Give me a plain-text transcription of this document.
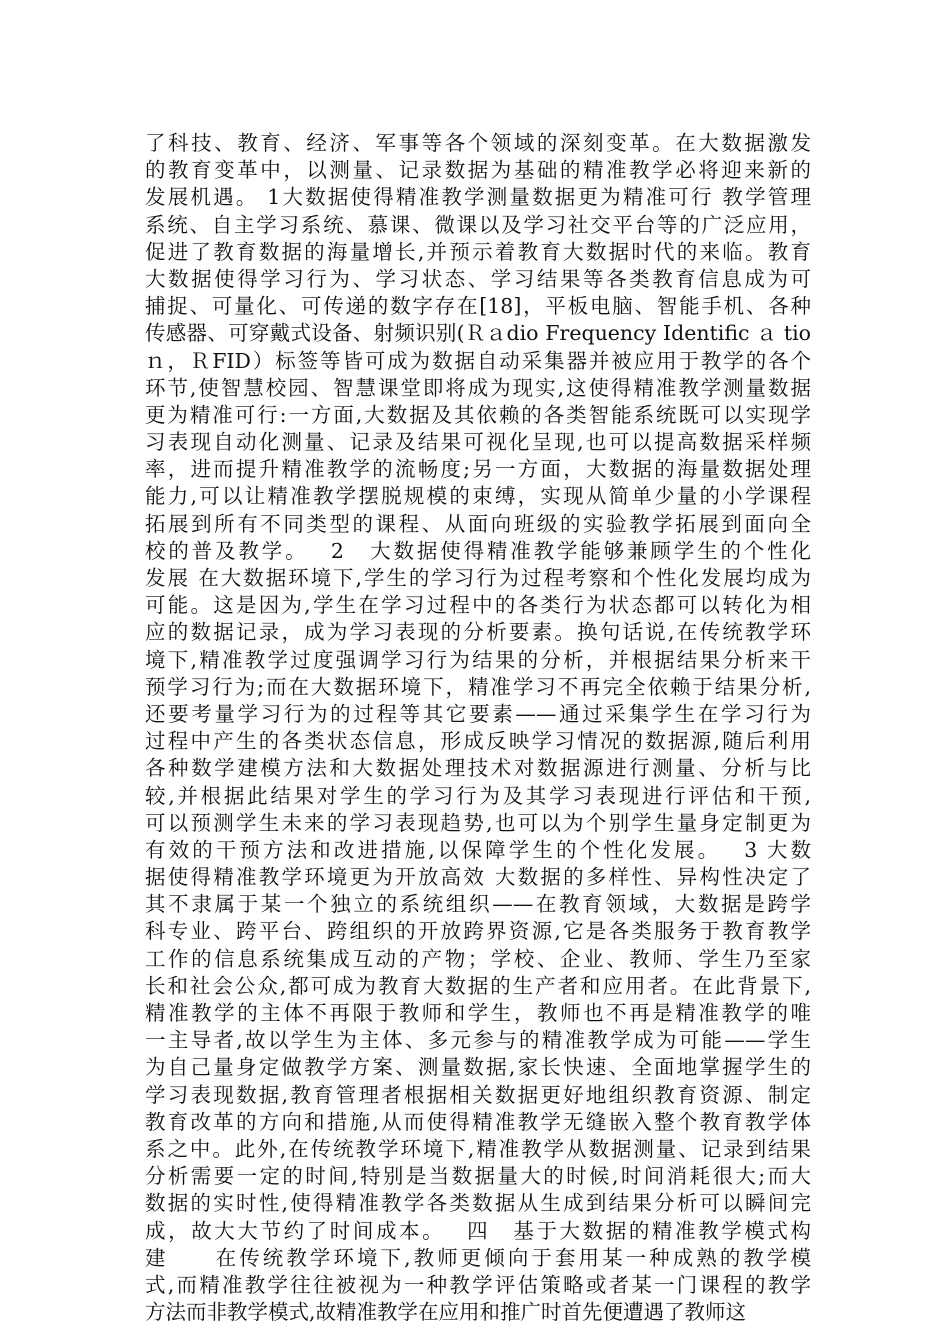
了科技、教育、经济、军事等各个领域的深刻变革。在大数据激发
的教育变革中，以测量、记录数据为基础的精准教学必将迎来新的
发展机遇。 1大数据使得精准教学测量数据更为精准可行 教学管理
系统、自主学习系统、慕课、微课以及学习社交平台等的广泛应用，
促进了教育数据的海量增长,并预示着教育大数据时代的来临。教育
大数据使得学习行为、学习状态、学习结果等各类教育信息成为可
捕捉、可量化、可传递的数字存在[18]，平板电脑、智能手机、各种
传感器、可穿戴式设备、射频识别(Ｒａdio Frequency Identific ａ tio
ｎ，ＲFID）标签等皆可成为数据自动采集器并被应用于教学的各个
环节,使智慧校园、智慧课堂即将成为现实,这使得精准教学测量数据
更为精准可行:一方面,大数据及其依赖的各类智能系统既可以实现学
习表现自动化测量、记录及结果可视化呈现,也可以提高数据采样频
率，进而提升精准教学的流畅度;另一方面，大数据的海量数据处理
能力,可以让精准教学摆脱规模的束缚，实现从简单少量的小学课程
拓展到所有不同类型的课程、从面向班级的实验教学拓展到面向全
校的普及教学。　 2　大数据使得精准教学能够兼顾学生的个性化
发展 在大数据环境下,学生的学习行为过程考察和个性化发展均成为
可能。这是因为,学生在学习过程中的各类行为状态都可以转化为相
应的数据记录，成为学习表现的分析要素。换句话说,在传统教学环
境下,精准教学过度强调学习行为结果的分析，并根据结果分析来干
预学习行为;而在大数据环境下，精准学习不再完全依赖于结果分析,
还要考量学习行为的过程等其它要素——通过采集学生在学习行为
过程中产生的各类状态信息，形成反映学习情况的数据源,随后利用
各种数学建模方法和大数据处理技术对数据源进行测量、分析与比
较,并根据此结果对学生的学习行为及其学习表现进行评估和干预,
可以预测学生未来的学习表现趋势,也可以为个别学生量身定制更为
有效的干预方法和改进措施,以保障学生的个性化发展。　 3 大数
据使得精准教学环境更为开放高效 大数据的多样性、异构性决定了
其不隶属于某一个独立的系统组织——在教育领域，大数据是跨学
科专业、跨平台、跨组织的开放跨界资源,它是各类服务于教育教学
工作的信息系统集成互动的产物；学校、企业、教师、学生乃至家
长和社会公众,都可成为教育大数据的生产者和应用者。在此背景下,
精准教学的主体不再限于教师和学生，教师也不再是精准教学的唯
一主导者,故以学生为主体、多元参与的精准教学成为可能——学生
为自己量身定做教学方案、测量数据,家长快速、全面地掌握学生的
学习表现数据,教育管理者根据相关数据更好地组织教育资源、制定
教育改革的方向和措施,从而使得精准教学无缝嵌入整个教育教学体
系之中。此外,在传统教学环境下,精准教学从数据测量、记录到结果
分析需要一定的时间,特别是当数据量大的时候,时间消耗很大;而大
数据的实时性,使得精准教学各类数据从生成到结果分析可以瞬间完
成，故大大节约了时间成本。　 四　基于大数据的精准教学模式构
建　　在传统教学环境下,教师更倾向于套用某一种成熟的教学模
式,而精准教学往往被视为一种教学评估策略或者某一门课程的教学
方法而非教学模式,故精准教学在应用和推广时首先便遭遇了教师这
